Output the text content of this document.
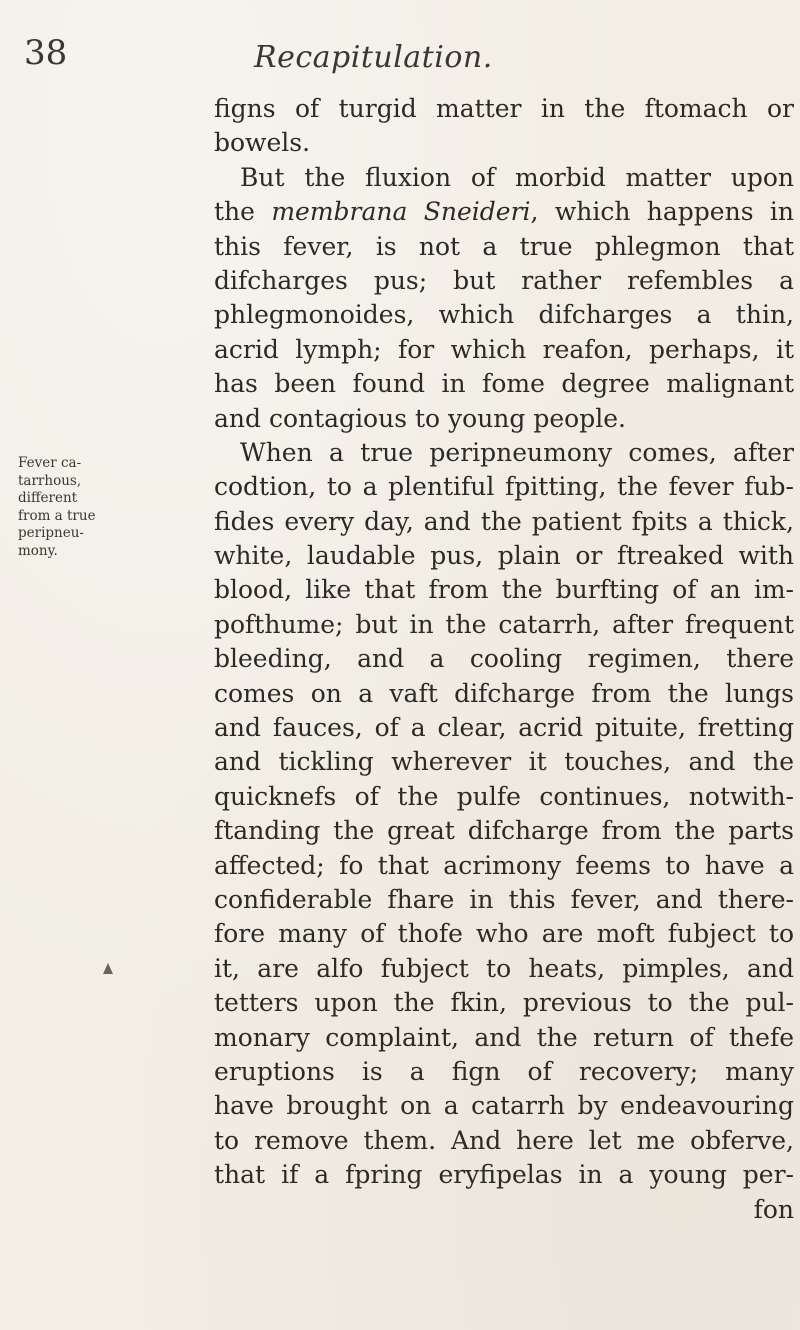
38	Recapitulation.
Fever ca-
tarrhous,
different
from a true
peripneu-
mony.
figns of turgid matter in the ftomach or
bowels.
But the fluxion of morbid matter upon
the membrana Sneideri, which happens in
this fever, is not a true phlegmon that
difcharges pus; but rather refembles a
phlegmonoides, which difcharges a thin,
acrid lymph; for which reafon, perhaps, it
has been found in fome degree malignant
and contagious to young people.
When a true peripneumony comes, after
codtion, to a plentiful fpitting, the fever fub-
fides every day, and the patient fpits a thick,
white, laudable pus, plain or ftreaked with
blood, like that from the burfting of an im-
pofthume; but in the catarrh, after frequent
bleeding, and a cooling regimen, there
comes on a vaft difcharge from the lungs
and fauces, of a clear, acrid pituite, fretting
and tickling wherever it touches, and the
quicknefs of the pulfe continues, notwith-
ftanding the great difcharge from the parts
affected; fo that acrimony feems to have a
confiderable fhare in this fever, and there-
fore many of thofe who are moft fubject to
it, are alfo fubject to heats, pimples, and
tetters upon the fkin, previous to the pul-
monary complaint, and the return of thefe
eruptions is a fign of recovery; many
have brought on a catarrh by endeavouring
to remove them. And here let me obferve,
that if a fpring eryfipelas in a young per-
fon
